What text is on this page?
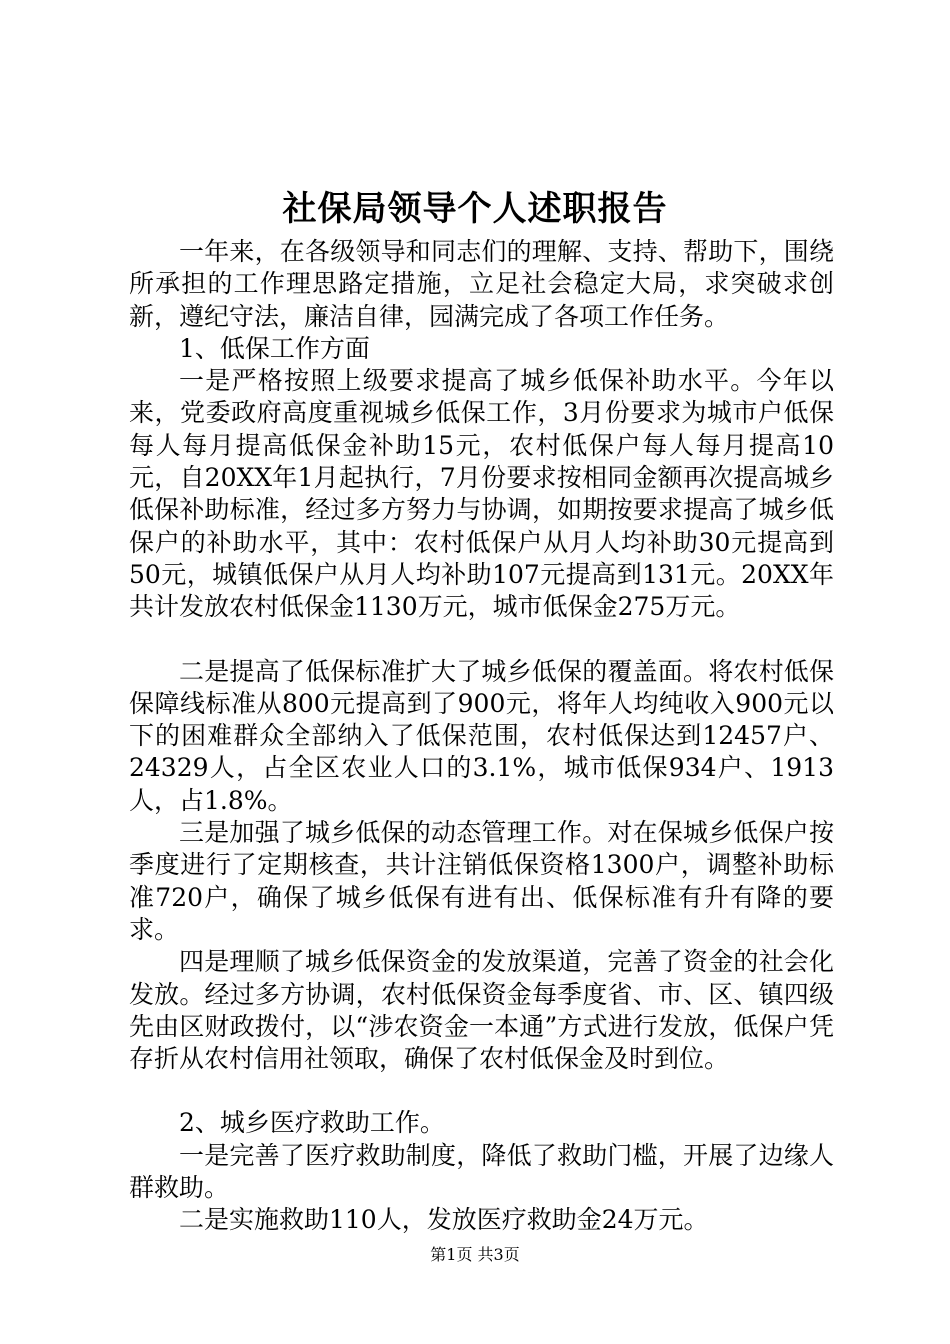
社保局领导个人述职报告

一年来，在各级领导和同志们的理解、支持、帮助下，围绕所承担的工作理思路定措施，立足社会稳定大局，求突破求创新，遵纪守法，廉洁自律，园满完成了各项工作任务。

1、低保工作方面

一是严格按照上级要求提高了城乡低保补助水平。今年以来，党委政府高度重视城乡低保工作，3月份要求为城市户低保每人每月提高低保金补助15元，农村低保户每人每月提高10元，自20XX年1月起执行，7月份要求按相同金额再次提高城乡低保补助标准，经过多方努力与协调，如期按要求提高了城乡低保户的补助水平，其中：农村低保户从月人均补助30元提高到50元，城镇低保户从月人均补助107元提高到131元。20XX年共计发放农村低保金1130万元，城市低保金275万元。

二是提高了低保标准扩大了城乡低保的覆盖面。将农村低保保障线标准从800元提高到了900元，将年人均纯收入900元以下的困难群众全部纳入了低保范围，农村低保达到12457户、24329人，占全区农业人口的3.1%，城市低保934户、1913人，占1.8%。

三是加强了城乡低保的动态管理工作。对在保城乡低保户按季度进行了定期核查，共计注销低保资格1300户，调整补助标准720户，确保了城乡低保有进有出、低保标准有升有降的要求。

四是理顺了城乡低保资金的发放渠道，完善了资金的社会化发放。经过多方协调，农村低保资金每季度省、市、区、镇四级先由区财政拨付，以“涉农资金一本通”方式进行发放，低保户凭存折从农村信用社领取，确保了农村低保金及时到位。

2、城乡医疗救助工作。

一是完善了医疗救助制度，降低了救助门槛，开展了边缘人群救助。

二是实施救助110人，发放医疗救助金24万元。

第1页 共3页
